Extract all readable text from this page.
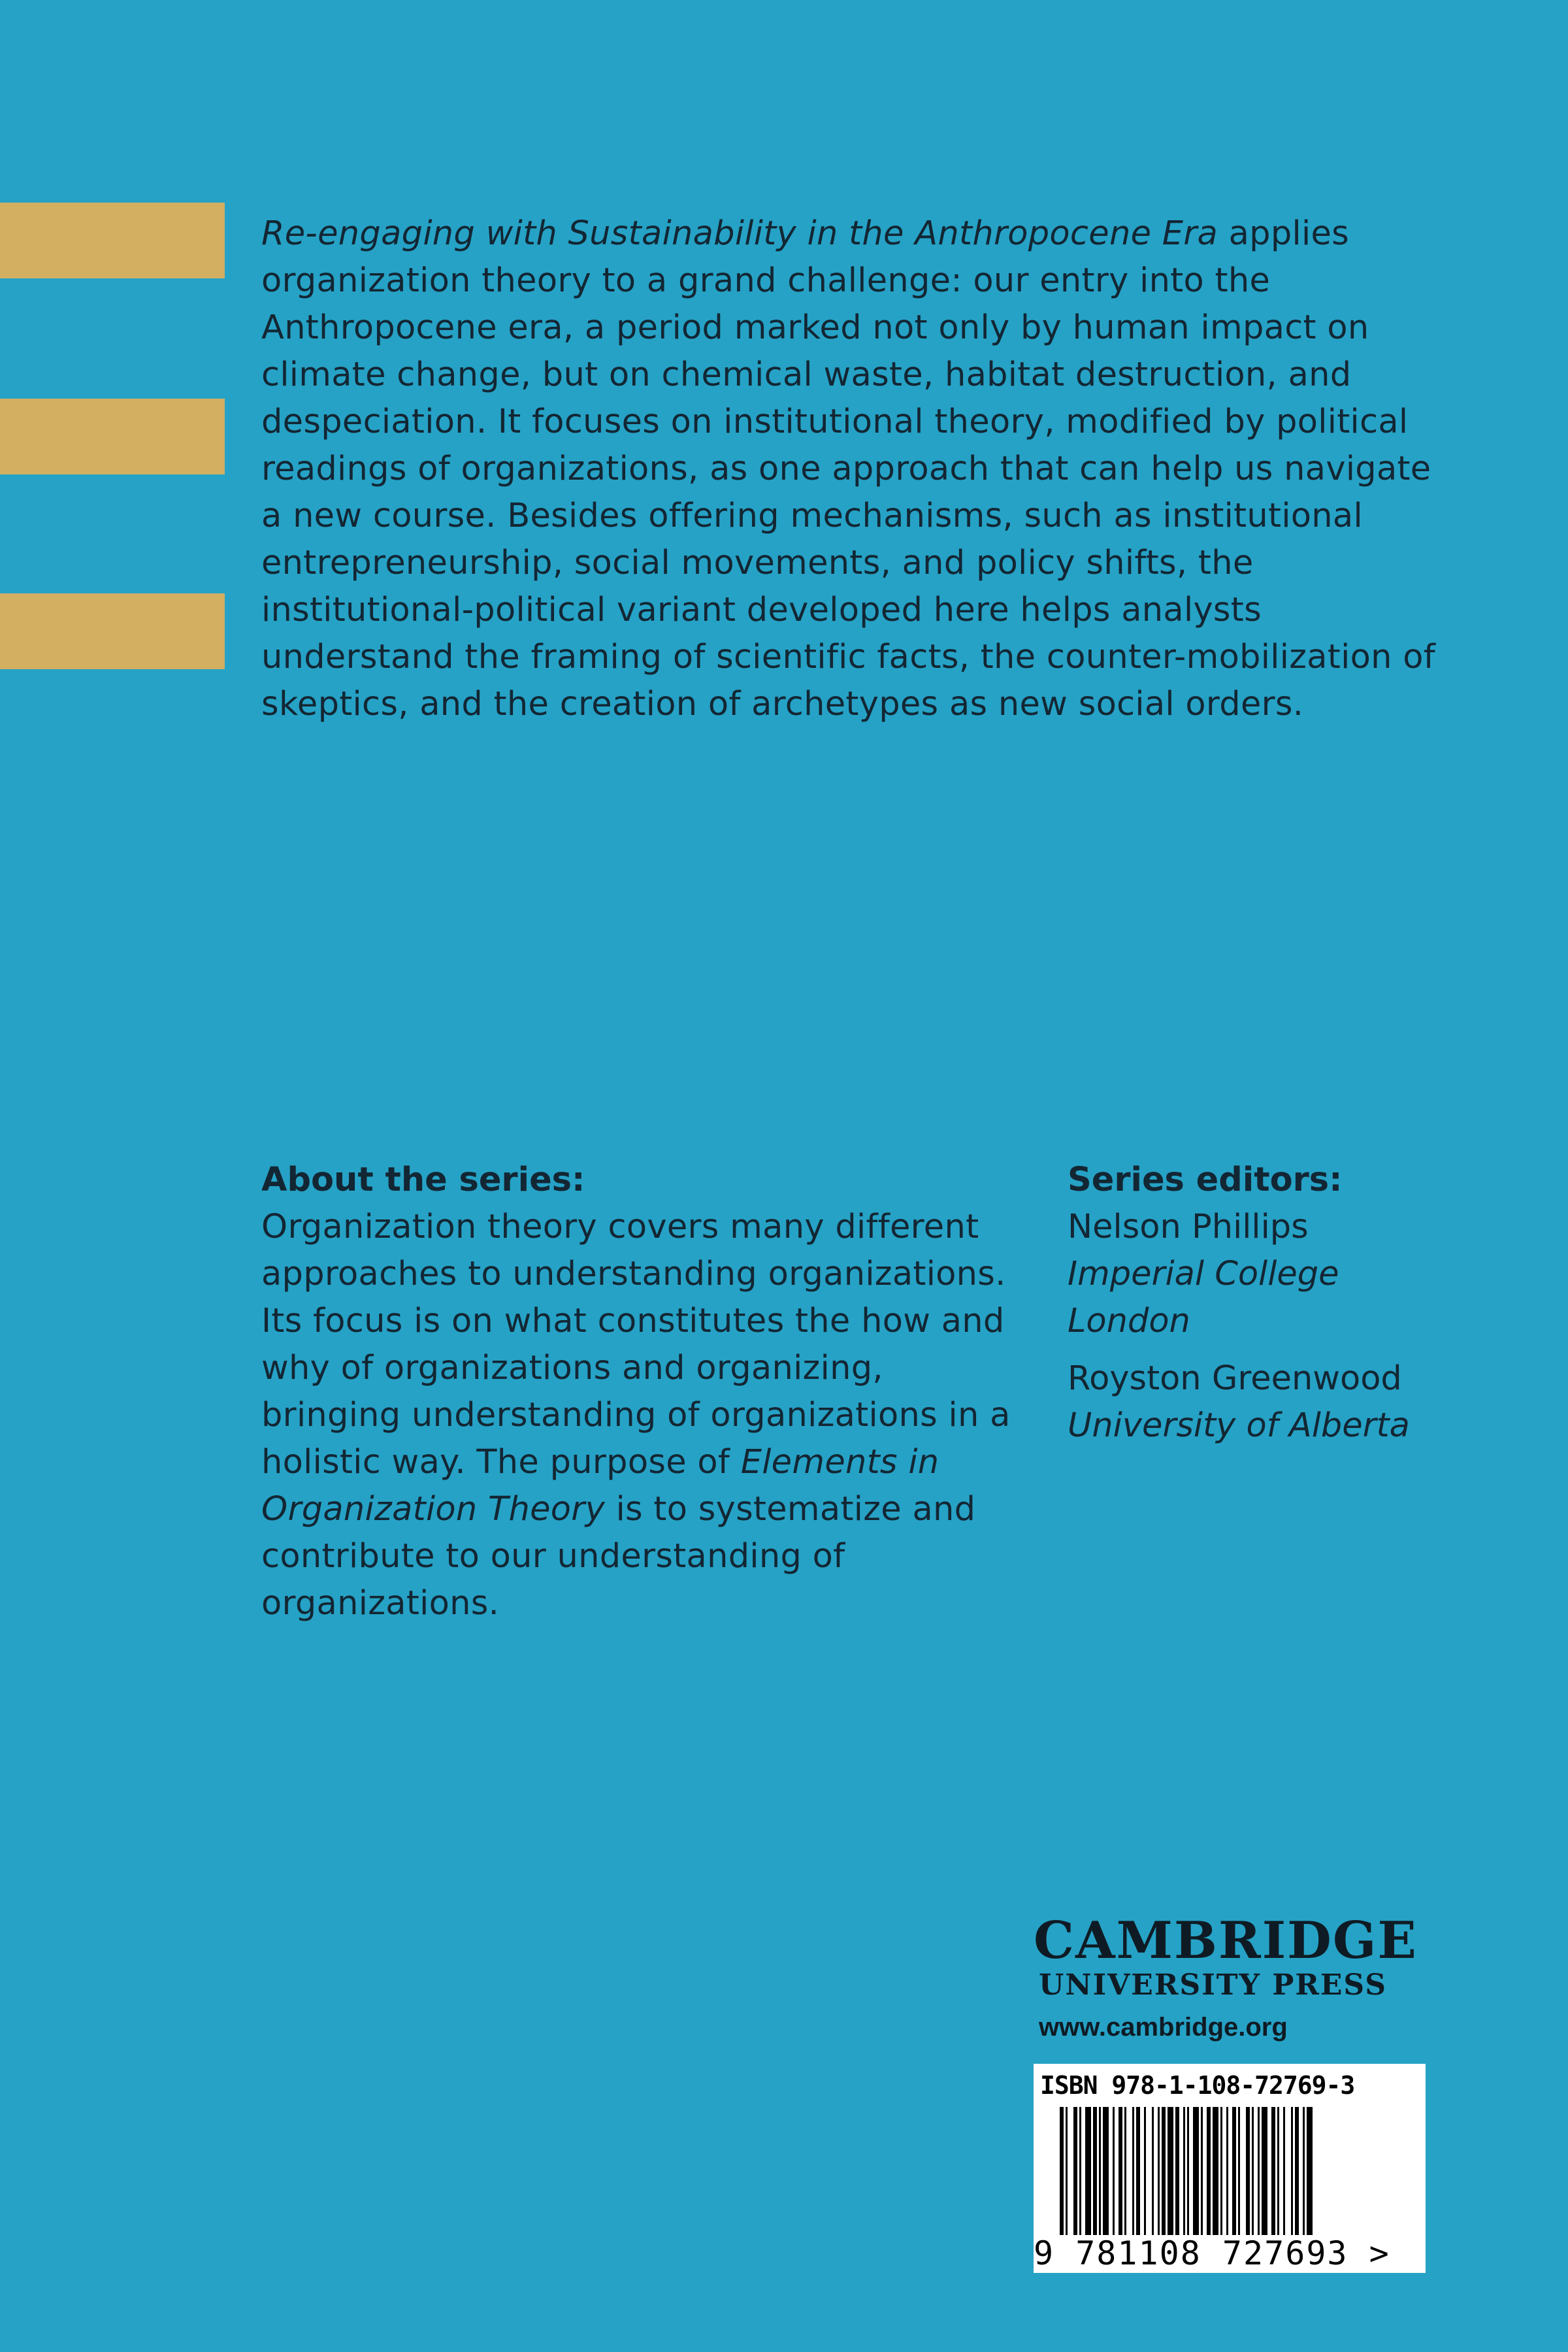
Re-engaging with Sustainability in the Anthropocene Era applies organization theory to a grand challenge: our entry into the Anthropocene era, a period marked not only by human impact on climate change, but on chemical waste, habitat destruction, and despeciation. It focuses on institutional theory, modified by political readings of organizations, as one approach that can help us navigate a new course. Besides offering mechanisms, such as institutional entrepreneurship, social movements, and policy shifts, the institutional-political variant developed here helps analysts understand the framing of scientific facts, the counter-mobilization of skeptics, and the creation of archetypes as new social orders.

About the series:

Organization theory covers many different approaches to understanding organizations. Its focus is on what constitutes the how and why of organizations and organizing, bringing understanding of organizations in a holistic way. The purpose of Elements in Organization Theory is to systematize and contribute to our understanding of organizations.

Series editors:

Nelson Phillips
Imperial College London
Royston Greenwood
University of Alberta

CAMBRIDGE

UNIVERSITY PRESS

www.cambridge.org

ISBN 978-1-108-72769-3
9 781108 727693 >
